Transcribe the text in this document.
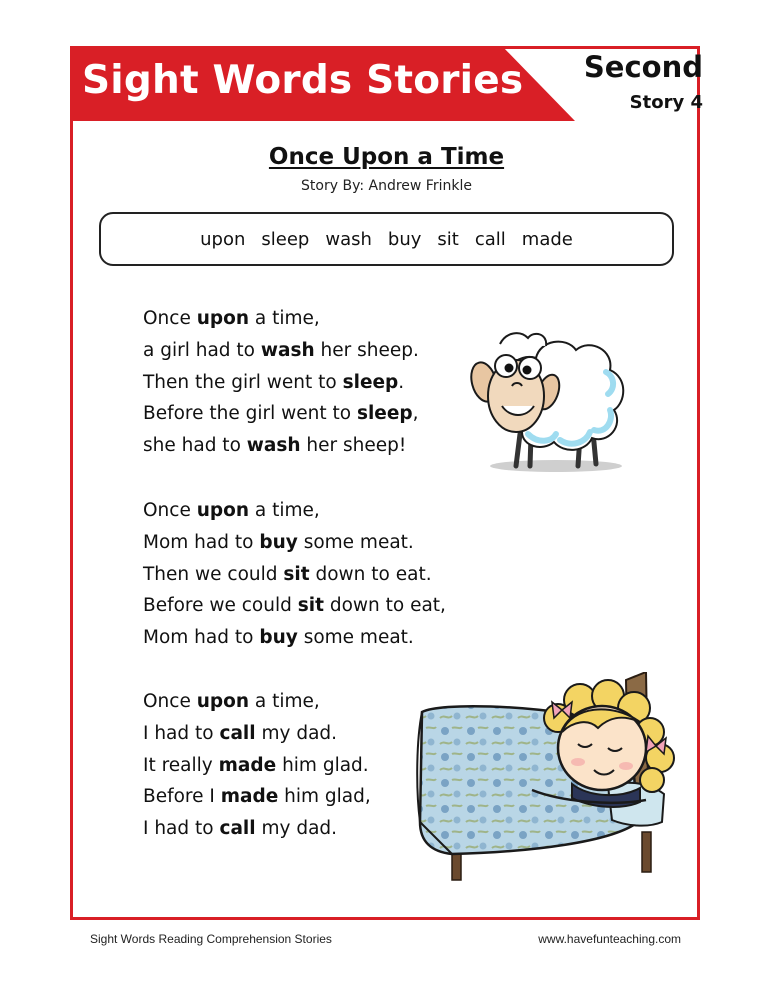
Sight Words Stories Second
Story 4
Once Upon a Time
Story By: Andrew Frinkle
upon sleep wash buy sit call made
Once upon a time,
a girl had to wash her sheep.
Then the girl went to sleep.
Before the girl went to sleep,
she had to wash her sheep!
Once upon a time,
Mom had to buy some meat.
Then we could sit down to eat.
Before we could sit down to eat,
Mom had to buy some meat.
Once upon a time,
I had to call my dad.
It really made him glad.
Before I made him glad,
I had to call my dad.
Sight Words Reading Comprehension Stories	www.havefunteaching.com
